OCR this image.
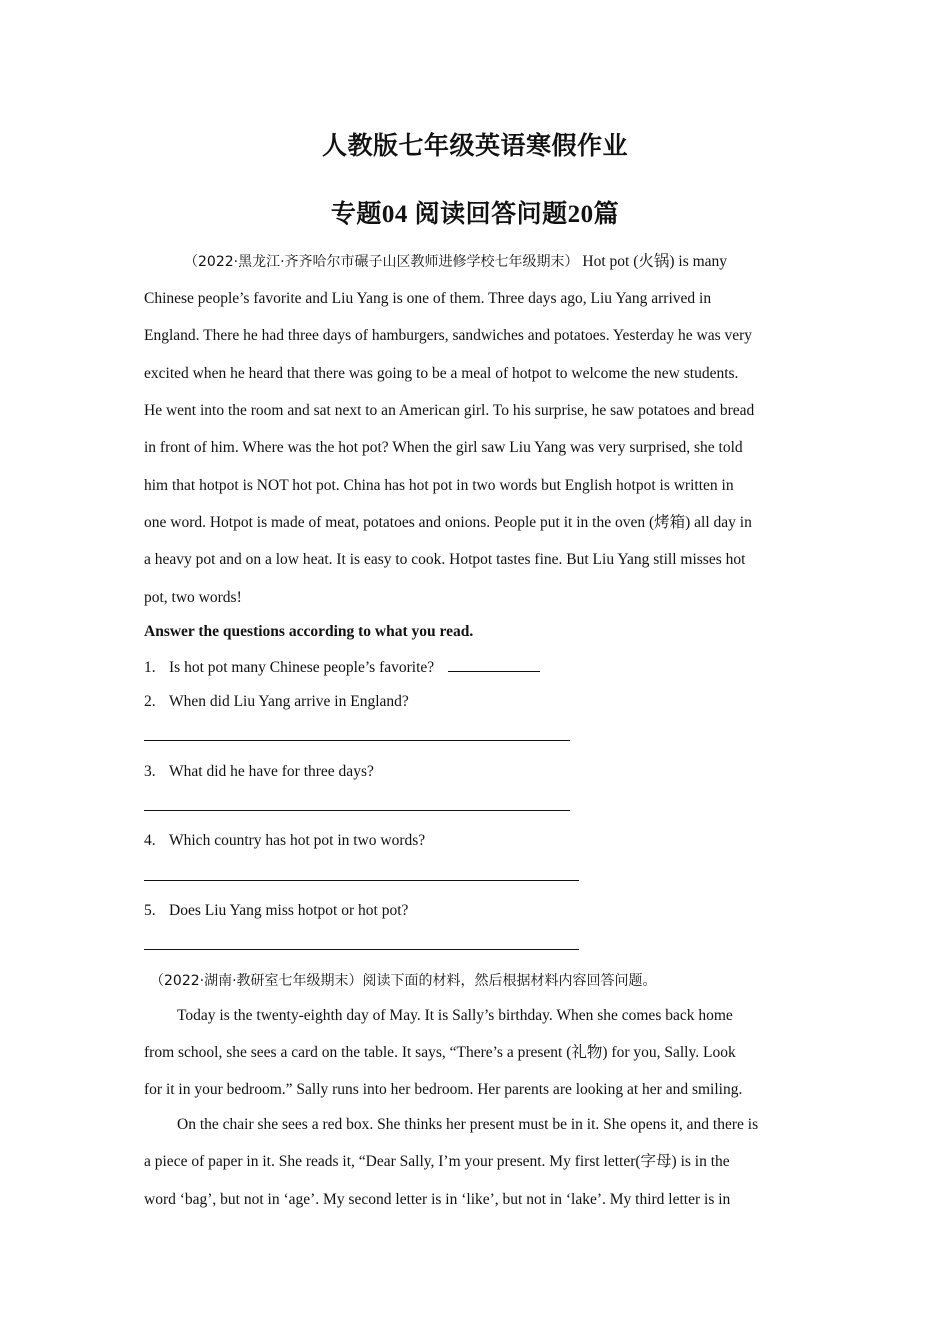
人教版七年级英语寒假作业
专题04 阅读回答问题20篇
（2022·黑龙江·齐齐哈尔市碾子山区教师进修学校七年级期末） Hot pot (火锅) is many
Chinese people’s favorite and Liu Yang is one of them. Three days ago, Liu Yang arrived in
England. There he had three days of hamburgers, sandwiches and potatoes. Yesterday he was very
excited when he heard that there was going to be a meal of hotpot to welcome the new students.
He went into the room and sat next to an American girl. To his surprise, he saw potatoes and bread
in front of him. Where was the hot pot? When the girl saw Liu Yang was very surprised, she told
him that hotpot is NOT hot pot. China has hot pot in two words but English hotpot is written in
one word. Hotpot is made of meat, potatoes and onions. People put it in the oven (烤箱) all day in
a heavy pot and on a low heat. It is easy to cook. Hotpot tastes fine. But Liu Yang still misses hot
pot, two words!
Answer the questions according to what you read.
1. Is hot pot many Chinese people’s favorite?
2. When did Liu Yang arrive in England?
3. What did he have for three days?
4. Which country has hot pot in two words?
5. Does Liu Yang miss hotpot or hot pot?
（2022·湖南·教研室七年级期末）阅读下面的材料，然后根据材料内容回答问题。
Today is the twenty-eighth day of May. It is Sally’s birthday. When she comes back home
from school, she sees a card on the table. It says, “There’s a present (礼物) for you, Sally. Look
for it in your bedroom.” Sally runs into her bedroom. Her parents are looking at her and smiling.
On the chair she sees a red box. She thinks her present must be in it. She opens it, and there is
a piece of paper in it. She reads it, “Dear Sally, I’m your present. My first letter(字母) is in the
word ‘bag’, but not in ‘age’. My second letter is in ‘like’, but not in ‘lake’. My third letter is in
